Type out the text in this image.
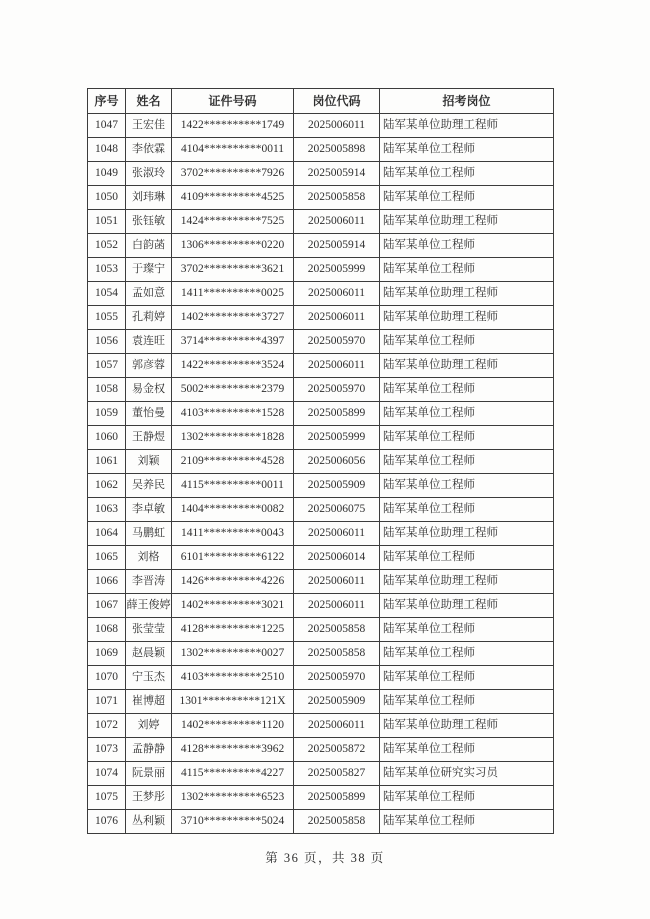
序号	姓名	证件号码	岗位代码	招考岗位
1047	王宏佳	1422**********1749	2025006011	陆军某单位助理工程师
1048	李依霖	4104**********0011	2025005898	陆军某单位工程师
1049	张淑玲	3702**********7926	2025005914	陆军某单位工程师
1050	刘玮琳	4109**********4525	2025005858	陆军某单位工程师
1051	张钰敏	1424**********7525	2025006011	陆军某单位助理工程师
1052	白韵菡	1306**********0220	2025005914	陆军某单位工程师
1053	于璨宁	3702**********3621	2025005999	陆军某单位工程师
1054	孟如意	1411**********0025	2025006011	陆军某单位助理工程师
1055	孔莉婷	1402**********3727	2025006011	陆军某单位助理工程师
1056	袁连旺	3714**********4397	2025005970	陆军某单位工程师
1057	郭彦蓉	1422**********3524	2025006011	陆军某单位助理工程师
1058	易金权	5002**********2379	2025005970	陆军某单位工程师
1059	董怡曼	4103**********1528	2025005899	陆军某单位工程师
1060	王静煜	1302**********1828	2025005999	陆军某单位工程师
1061	刘颖	2109**********4528	2025006056	陆军某单位工程师
1062	吴养民	4115**********0011	2025005909	陆军某单位工程师
1063	李卓敏	1404**********0082	2025006075	陆军某单位工程师
1064	马鹏虹	1411**********0043	2025006011	陆军某单位助理工程师
1065	刘格	6101**********6122	2025006014	陆军某单位工程师
1066	李晋涛	1426**********4226	2025006011	陆军某单位助理工程师
1067	薛王俊婷	1402**********3021	2025006011	陆军某单位助理工程师
1068	张莹莹	4128**********1225	2025005858	陆军某单位工程师
1069	赵晨颖	1302**********0027	2025005858	陆军某单位工程师
1070	宁玉杰	4103**********2510	2025005970	陆军某单位工程师
1071	崔博超	1301**********121X	2025005909	陆军某单位工程师
1072	刘婷	1402**********1120	2025006011	陆军某单位助理工程师
1073	孟静静	4128**********3962	2025005872	陆军某单位工程师
1074	阮景丽	4115**********4227	2025005827	陆军某单位研究实习员
1075	王梦彤	1302**********6523	2025005899	陆军某单位工程师
1076	丛利颖	3710**********5024	2025005858	陆军某单位工程师
第 36 页，共 38 页
